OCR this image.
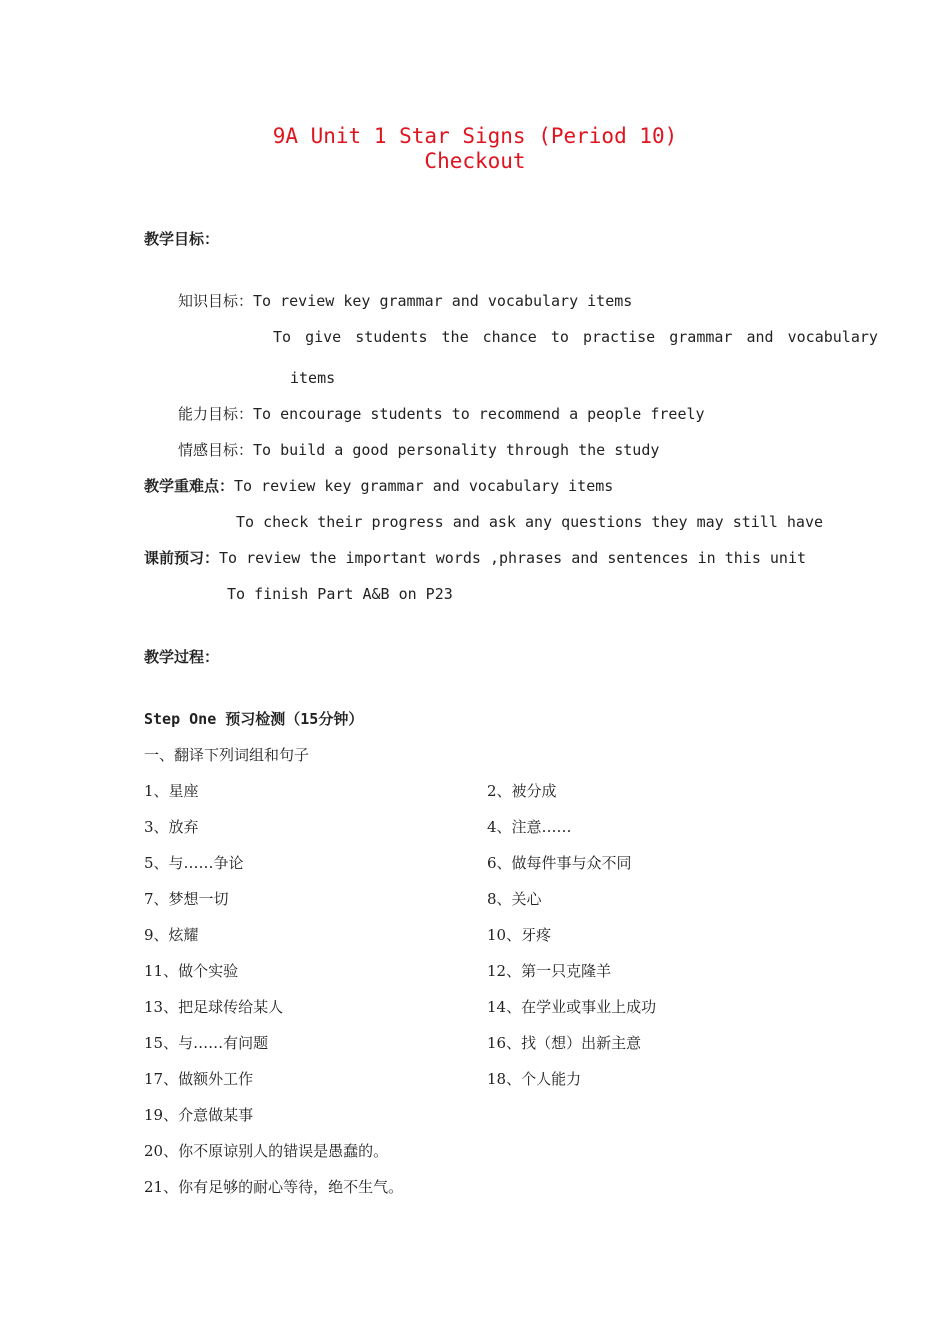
9A Unit 1 Star Signs (Period 10)
Checkout
教学目标：
知识目标：To review key grammar and vocabulary items
To give students the chance to practise grammar and vocabulary
items
能力目标：To encourage students to recommend a people freely
情感目标：To build a good personality through the study
教学重难点：To review key grammar and vocabulary items
To check their progress and ask any questions they may still have
课前预习：To review the important words ,phrases and sentences in this unit
To finish Part A&B on P23
教学过程：
Step One 预习检测（15分钟）
一、翻译下列词组和句子
1、星座
3、放弃
5、与……争论
7、梦想一切
9、炫耀
11、做个实验
13、把足球传给某人
15、与……有问题
17、做额外工作
19、介意做某事
20、你不原谅别人的错误是愚蠢的。
21、你有足够的耐心等待，绝不生气。
2、被分成
4、注意……
6、做每件事与众不同
8、关心
10、牙疼
12、第一只克隆羊
14、在学业或事业上成功
16、找（想）出新主意
18、个人能力
